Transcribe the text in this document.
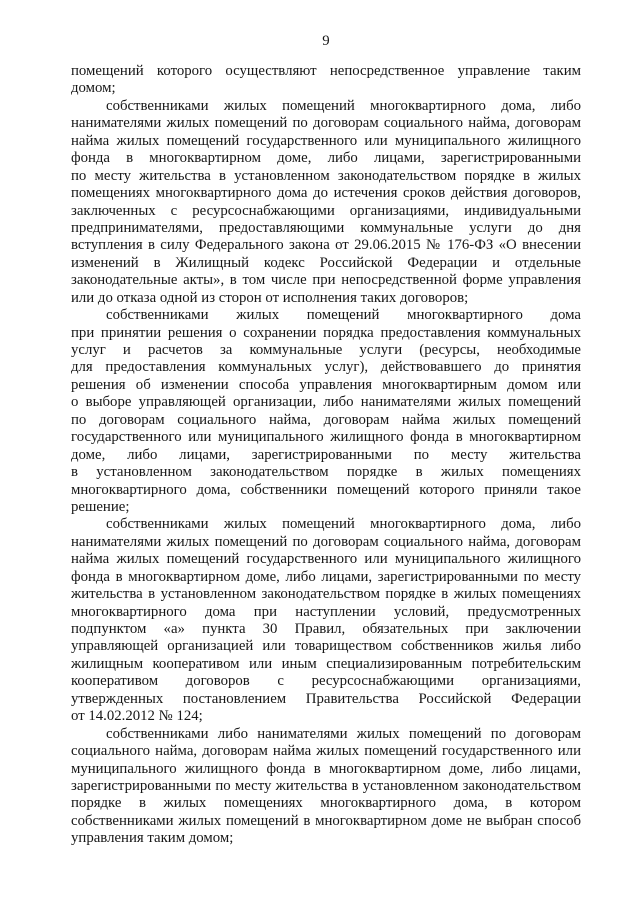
9
помещений которого осуществляют непосредственное управление таким
домом;
собственниками жилых помещений многоквартирного дома, либо
нанимателями жилых помещений по договорам социального найма, договорам
найма жилых помещений государственного или муниципального жилищного
фонда в многоквартирном доме, либо лицами, зарегистрированными
по месту жительства в установленном законодательством порядке в жилых
помещениях многоквартирного дома до истечения сроков действия договоров,
заключенных с ресурсоснабжающими организациями, индивидуальными
предпринимателями, предоставляющими коммунальные услуги до дня
вступления в силу Федерального закона от 29.06.2015 № 176-ФЗ «О внесении
изменений в Жилищный кодекс Российской Федерации и отдельные
законодательные акты», в том числе при непосредственной форме управления
или до отказа одной из сторон от исполнения таких договоров;
собственниками жилых помещений многоквартирного дома
при принятии решения о сохранении порядка предоставления коммунальных
услуг и расчетов за коммунальные услуги (ресурсы, необходимые
для предоставления коммунальных услуг), действовавшего до принятия
решения об изменении способа управления многоквартирным домом или
о выборе управляющей организации, либо нанимателями жилых помещений
по договорам социального найма, договорам найма жилых помещений
государственного или муниципального жилищного фонда в многоквартирном
доме, либо лицами, зарегистрированными по месту жительства
в установленном законодательством порядке в жилых помещениях
многоквартирного дома, собственники помещений которого приняли такое
решение;
собственниками жилых помещений многоквартирного дома, либо
нанимателями жилых помещений по договорам социального найма, договорам
найма жилых помещений государственного или муниципального жилищного
фонда в многоквартирном доме, либо лицами, зарегистрированными по месту
жительства в установленном законодательством порядке в жилых помещениях
многоквартирного дома при наступлении условий, предусмотренных
подпунктом «а» пункта 30 Правил, обязательных при заключении
управляющей организацией или товариществом собственников жилья либо
жилищным кооперативом или иным специализированным потребительским
кооперативом договоров с ресурсоснабжающими организациями,
утвержденных постановлением Правительства Российской Федерации
от 14.02.2012 № 124;
собственниками либо нанимателями жилых помещений по договорам
социального найма, договорам найма жилых помещений государственного или
муниципального жилищного фонда в многоквартирном доме, либо лицами,
зарегистрированными по месту жительства в установленном законодательством
порядке в жилых помещениях многоквартирного дома, в котором
собственниками жилых помещений в многоквартирном доме не выбран способ
управления таким домом;
